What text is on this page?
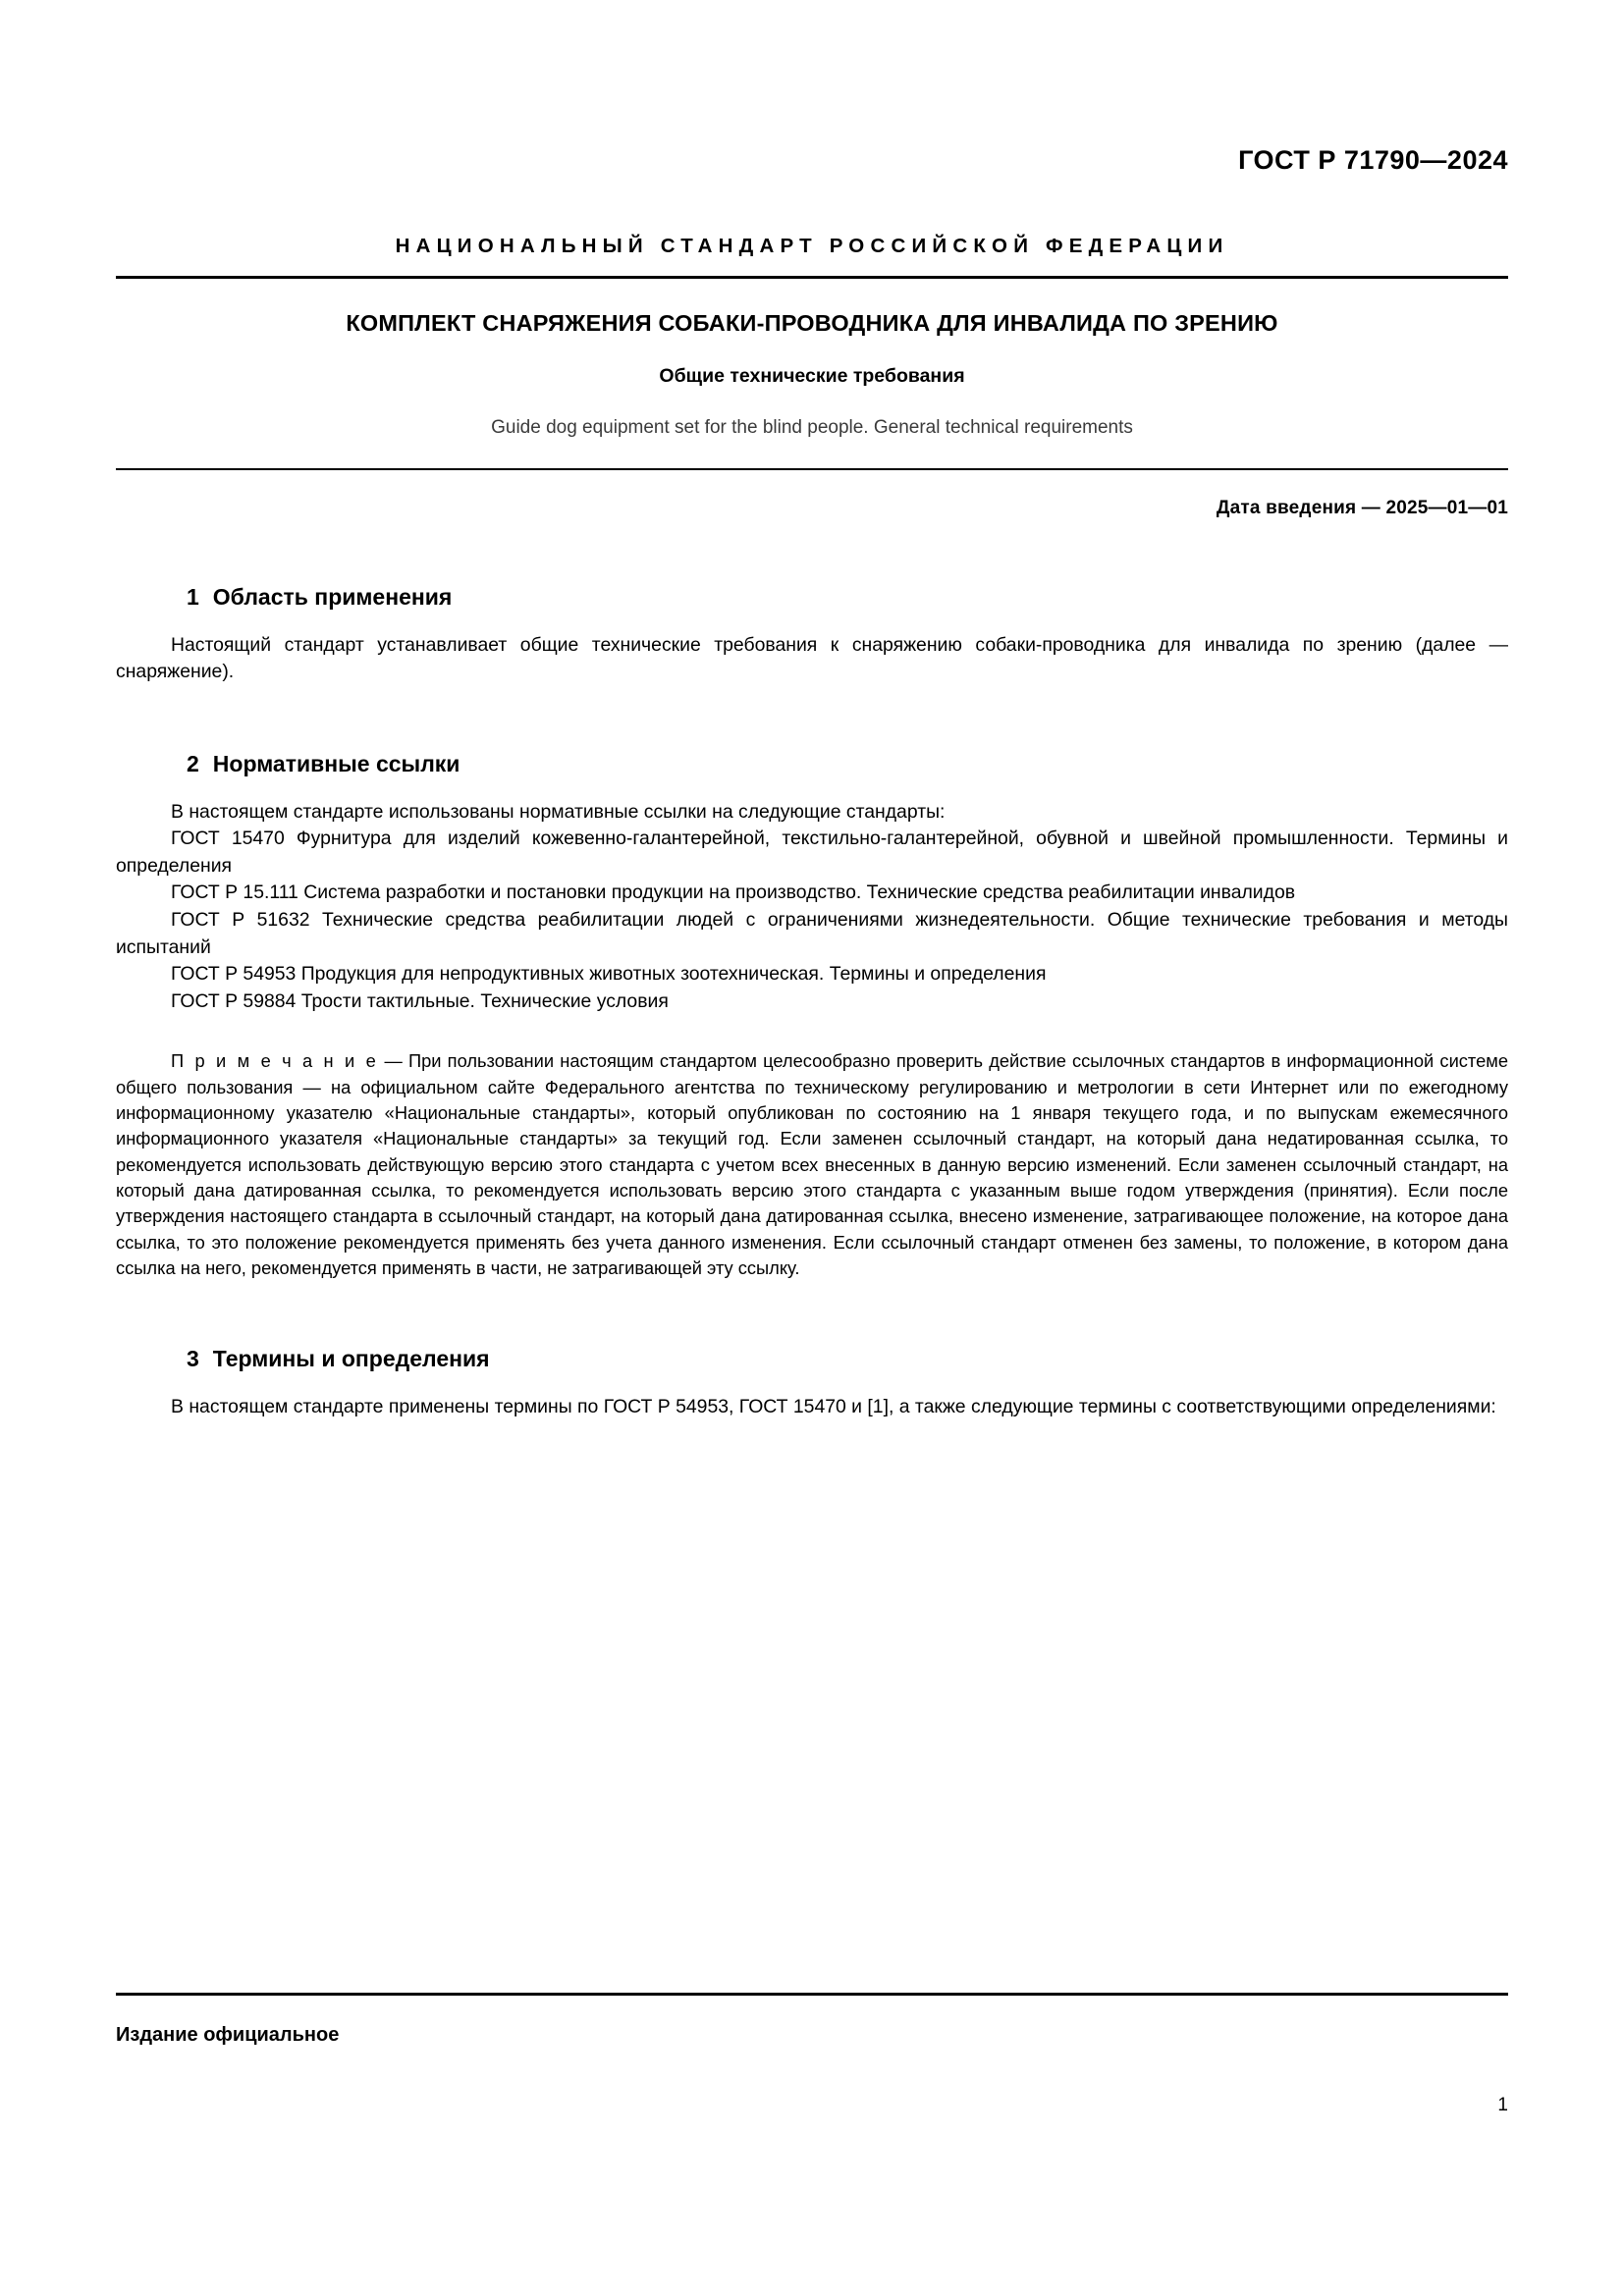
ГОСТ Р 71790—2024
НАЦИОНАЛЬНЫЙ СТАНДАРТ РОССИЙСКОЙ ФЕДЕРАЦИИ
КОМПЛЕКТ СНАРЯЖЕНИЯ СОБАКИ-ПРОВОДНИКА ДЛЯ ИНВАЛИДА ПО ЗРЕНИЮ
Общие технические требования
Guide dog equipment set for the blind people. General technical requirements
Дата введения — 2025—01—01
1 Область применения

Настоящий стандарт устанавливает общие технические требования к снаряжению собаки-проводника для инвалида по зрению (далее — снаряжение).

2 Нормативные ссылки

В настоящем стандарте использованы нормативные ссылки на следующие стандарты:

ГОСТ 15470 Фурнитура для изделий кожевенно-галантерейной, текстильно-галантерейной, обувной и швейной промышленности. Термины и определения

ГОСТ Р 15.111 Система разработки и постановки продукции на производство. Технические средства реабилитации инвалидов

ГОСТ Р 51632 Технические средства реабилитации людей с ограничениями жизнедеятельности. Общие технические требования и методы испытаний

ГОСТ Р 54953 Продукция для непродуктивных животных зоотехническая. Термины и определения

ГОСТ Р 59884 Трости тактильные. Технические условия

П р и м е ч а н и е — При пользовании настоящим стандартом целесообразно проверить действие ссылочных стандартов в информационной системе общего пользования — на официальном сайте Федерального агентства по техническому регулированию и метрологии в сети Интернет или по ежегодному информационному указателю «Национальные стандарты», который опубликован по состоянию на 1 января текущего года, и по выпускам ежемесячного информационного указателя «Национальные стандарты» за текущий год. Если заменен ссылочный стандарт, на который дана недатированная ссылка, то рекомендуется использовать действующую версию этого стандарта с учетом всех внесенных в данную версию изменений. Если заменен ссылочный стандарт, на который дана датированная ссылка, то рекомендуется использовать версию этого стандарта с указанным выше годом утверждения (принятия). Если после утверждения настоящего стандарта в ссылочный стандарт, на который дана датированная ссылка, внесено изменение, затрагивающее положение, на которое дана ссылка, то это положение рекомендуется применять без учета данного изменения. Если ссылочный стандарт отменен без замены, то положение, в котором дана ссылка на него, рекомендуется применять в части, не затрагивающей эту ссылку.

3 Термины и определения

В настоящем стандарте применены термины по ГОСТ Р 54953, ГОСТ 15470 и [1], а также следующие термины с соответствующими определениями:

Издание официальное
1
